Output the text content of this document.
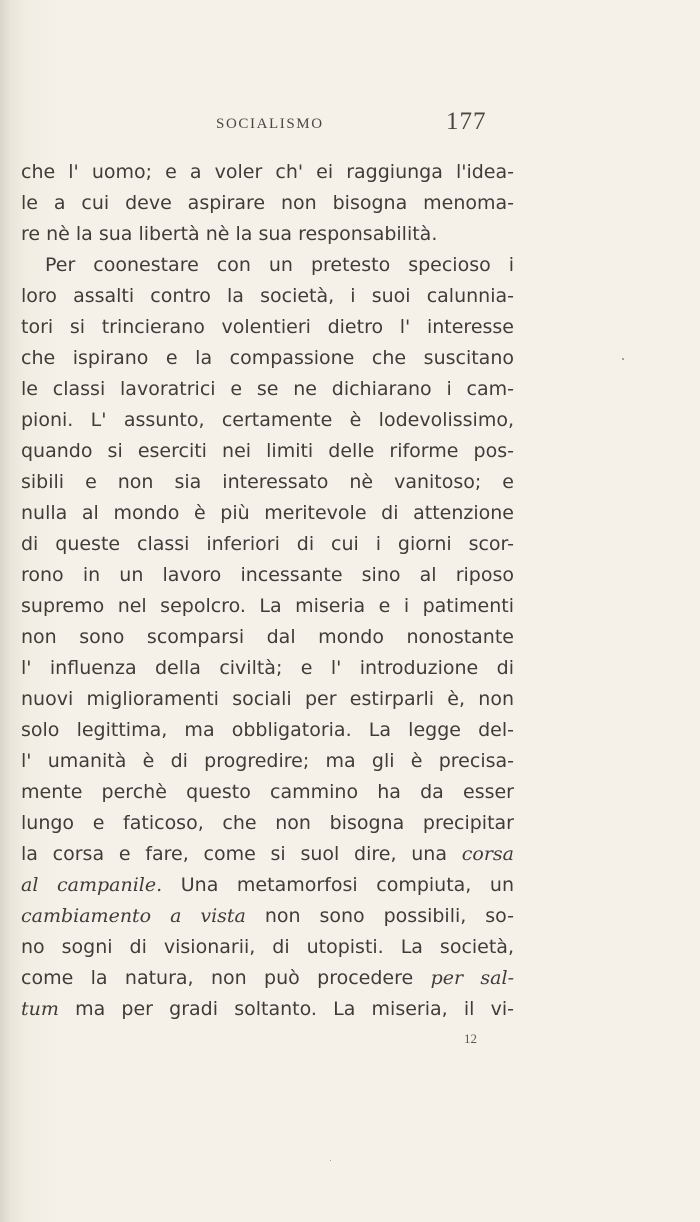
SOCIALISMO	177
che l' uomo; e a voler ch' ei raggiunga l'idea-
le a cui deve aspirare non bisogna menoma-
re nè la sua libertà nè la sua responsabilità.
Per coonestare con un pretesto specioso i
loro assalti contro la società, i suoi calunnia-
tori si trincierano volentieri dietro l' interesse
che ispirano e la compassione che suscitano
le classi lavoratrici e se ne dichiarano i cam-
pioni. L' assunto, certamente è lodevolissimo,
quando si eserciti nei limiti delle riforme pos-
sibili e non sia interessato nè vanitoso; e
nulla al mondo è più meritevole di attenzione
di queste classi inferiori di cui i giorni scor-
rono in un lavoro incessante sino al riposo
supremo nel sepolcro. La miseria e i patimenti
non sono scomparsi dal mondo nonostante
l' influenza della civiltà; e l' introduzione di
nuovi miglioramenti sociali per estirparli è, non
solo legittima, ma obbligatoria. La legge del-
l' umanità è di progredire; ma gli è precisa-
mente perchè questo cammino ha da esser
lungo e faticoso, che non bisogna precipitar
la corsa e fare, come si suol dire, una corsa
al campanile. Una metamorfosi compiuta, un
cambiamento a vista non sono possibili, so-
no sogni di visionarii, di utopisti. La società,
come la natura, non può procedere per sal-
tum ma per gradi soltanto. La miseria, il vi-
12
